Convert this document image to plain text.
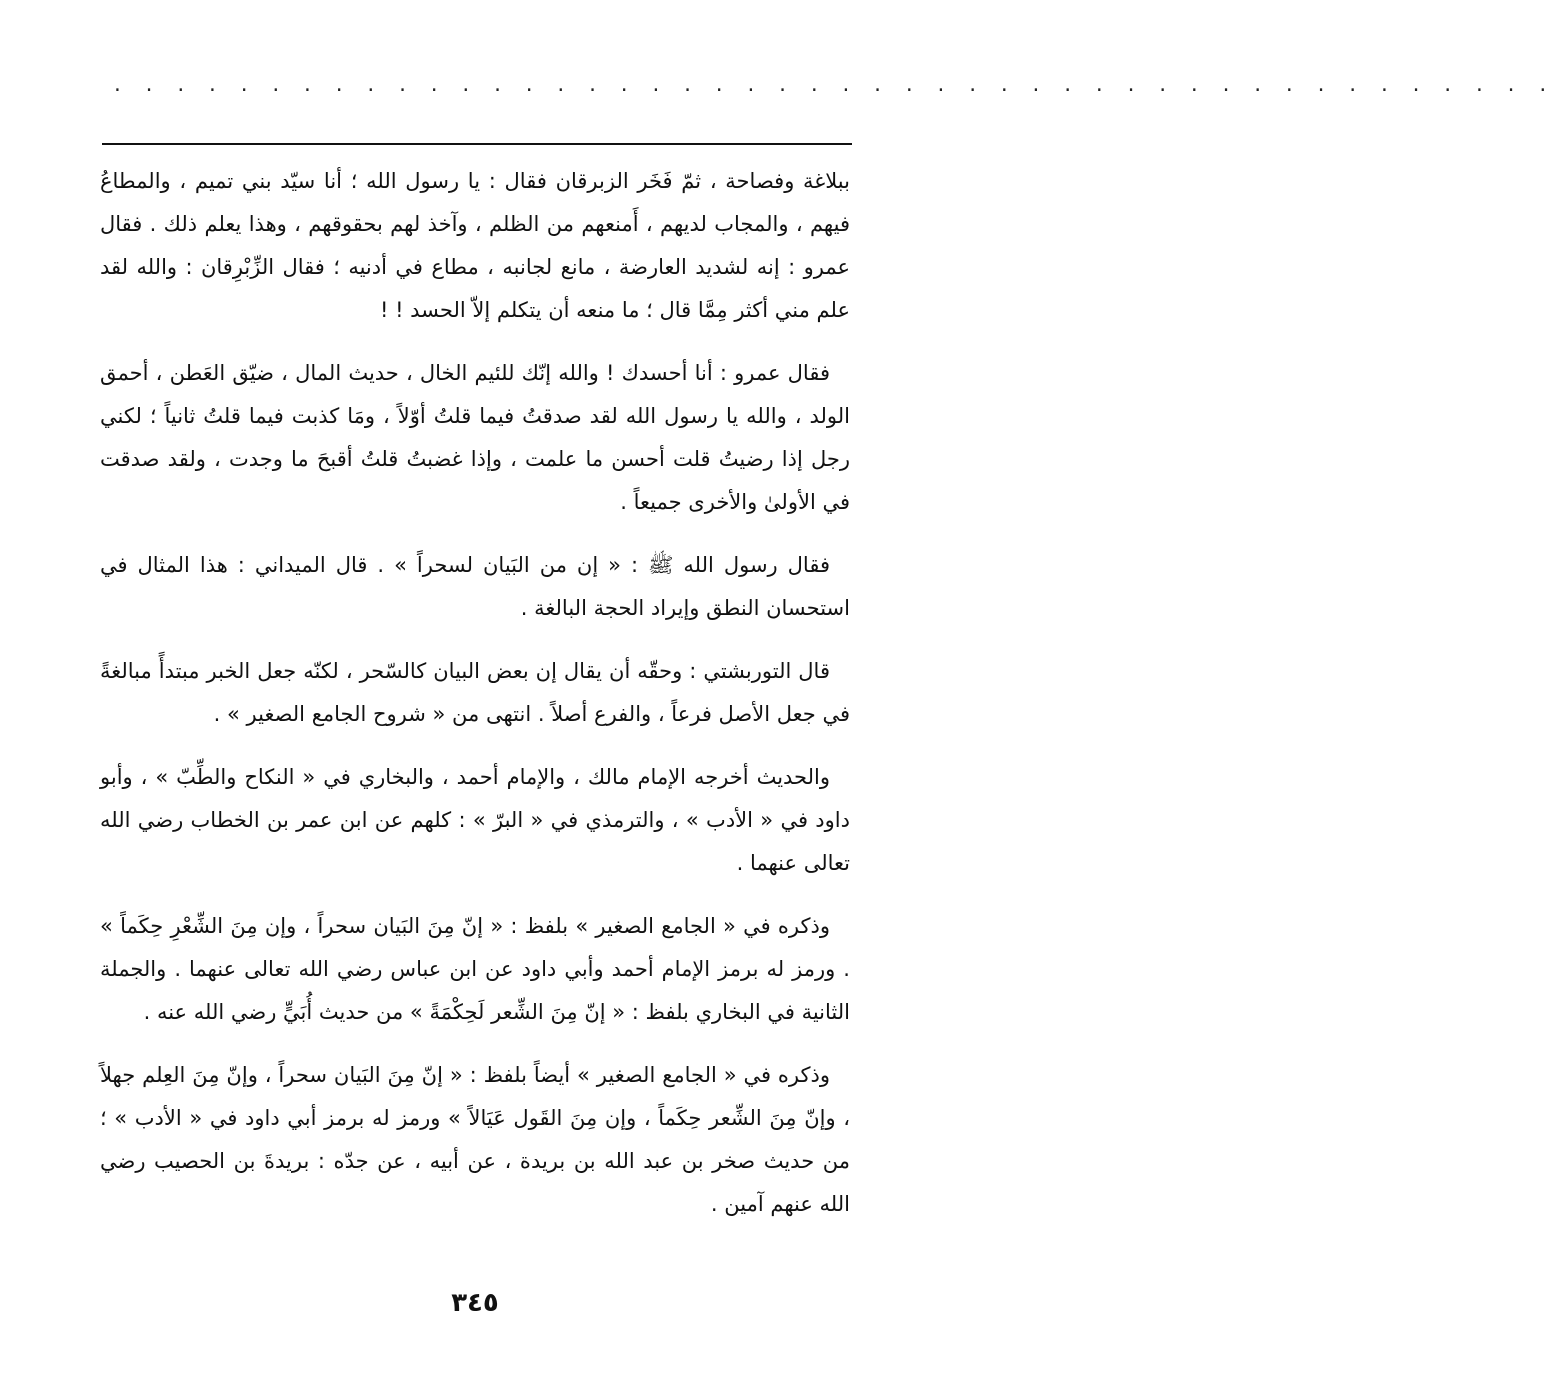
· · · · · · · · · · · · · · · · · · · · · · · · · · · · · · · · · · · · · · · · · · · · · ·

ببلاغة وفصاحة ، ثمّ فَخَر الزبرقان فقال : يا رسول الله ؛ أنا سيّد بني تميم ، والمطاعُ فيهم ، والمجاب لديهم ، أَمنعهم من الظلم ، وآخذ لهم بحقوقهم ، وهذا يعلم ذلك . فقال عمرو : إنه لشديد العارضة ، مانع لجانبه ، مطاع في أدنيه ؛ فقال الزِّبْرِقان : والله لقد علم مني أكثر مِمَّا قال ؛ ما منعه أن يتكلم إلاّ الحسد ! !

فقال عمرو : أنا أحسدك ! والله إنّك للئيم الخال ، حديث المال ، ضيّق العَطن ، أحمق الولد ، والله يا رسول الله لقد صدقتُ فيما قلتُ أوّلاً ، ومَا كذبت فيما قلتُ ثانياً ؛ لكني رجل إذا رضيتُ قلت أحسن ما علمت ، وإذا غضبتُ قلتُ أقبحَ ما وجدت ، ولقد صدقت في الأولىٰ والأخرى جميعاً .

فقال رسول الله ﷺ : « إن من البَيان لسحراً » . قال الميداني : هذا المثال في استحسان النطق وإيراد الحجة البالغة .

قال التوربشتي : وحقّه أن يقال إن بعض البيان كالسّحر ، لكنّه جعل الخبر مبتدأً مبالغةً في جعل الأصل فرعاً ، والفرع أصلاً . انتهى من « شروح الجامع الصغير » .

والحديث أخرجه الإمام مالك ، والإمام أحمد ، والبخاري في « النكاح والطِّبّ » ، وأبو داود في « الأدب » ، والترمذي في « البرّ » : كلهم عن ابن عمر بن الخطاب رضي الله تعالى عنهما .

وذكره في « الجامع الصغير » بلفظ : « إنّ مِنَ البَيان سحراً ، وإن مِنَ الشِّعْرِ حِكَماً » . ورمز له برمز الإمام أحمد وأبي داود عن ابن عباس رضي الله تعالى عنهما . والجملة الثانية في البخاري بلفظ : « إنّ مِنَ الشِّعر لَحِكْمَةً » من حديث أُبَيٍّ رضي الله عنه .

وذكره في « الجامع الصغير » أيضاً بلفظ : « إنّ مِنَ البَيان سحراً ، وإنّ مِنَ العِلم جهلاً ، وإنّ مِنَ الشِّعر حِكَماً ، وإن مِنَ القَول عَيَالاً » ورمز له برمز أبي داود في « الأدب » ؛ من حديث صخر بن عبد الله بن بريدة ، عن أبيه ، عن جدّه : بريدةَ بن الحصيب رضي الله عنهم آمين .

٣٤٥
